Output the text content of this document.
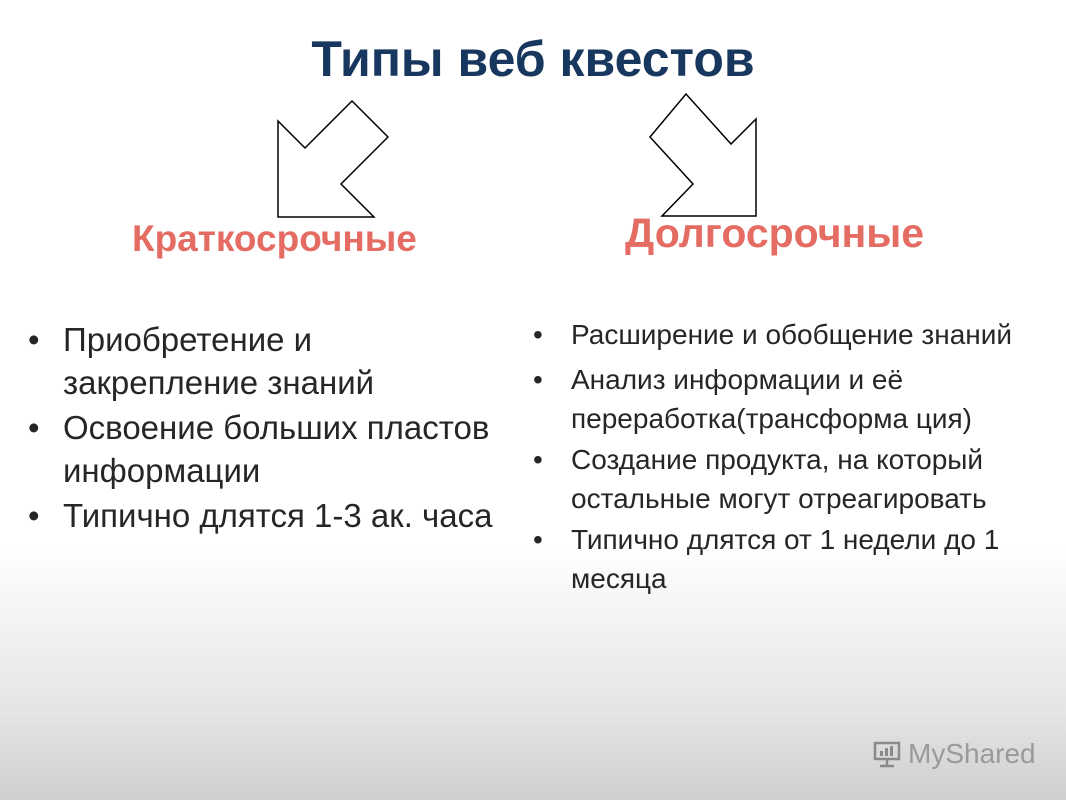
Типы веб квестов
Краткосрочные	Долгосрочные
• Приобретение и закрепление знаний
• Освоение больших пластов информации
• Типично длятся 1-3 ак. часа
• Расширение и обобщение знаний
• Анализ информации и её переработка(трансформа ция)
• Создание продукта, на который остальные могут отреагировать
• Типично длятся от 1 недели до 1 месяца
MyShared
